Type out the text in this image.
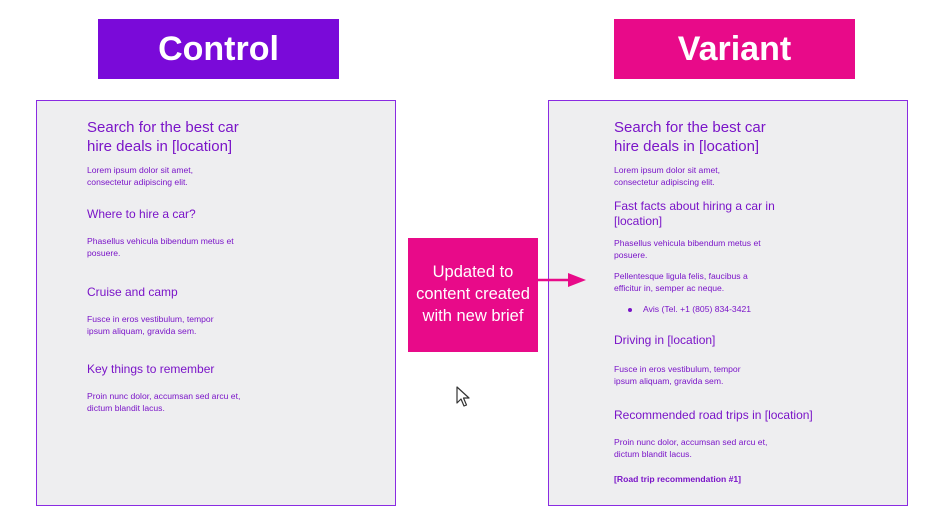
Control	Variant

Search for the best car hire deals in [location]

Lorem ipsum dolor sit amet, consectetur adipiscing elit.

Where to hire a car?

Phasellus vehicula bibendum metus et posuere.

Cruise and camp

Fusce in eros vestibulum, tempor ipsum aliquam, gravida sem.

Key things to remember

Proin nunc dolor, accumsan sed arcu et, dictum blandit lacus.

Search for the best car hire deals in [location]

Lorem ipsum dolor sit amet, consectetur adipiscing elit.

Fast facts about hiring a car in [location]

Phasellus vehicula bibendum metus et posuere.

Pellentesque ligula felis, faucibus a efficitur in, semper ac neque.

Avis (Tel. +1 (805) 834-3421

Driving in [location]

Fusce in eros vestibulum, tempor ipsum aliquam, gravida sem.

Recommended road trips in [location]

Proin nunc dolor, accumsan sed arcu et, dictum blandit lacus.

[Road trip recommendation #1]

Updated to content created with new brief
